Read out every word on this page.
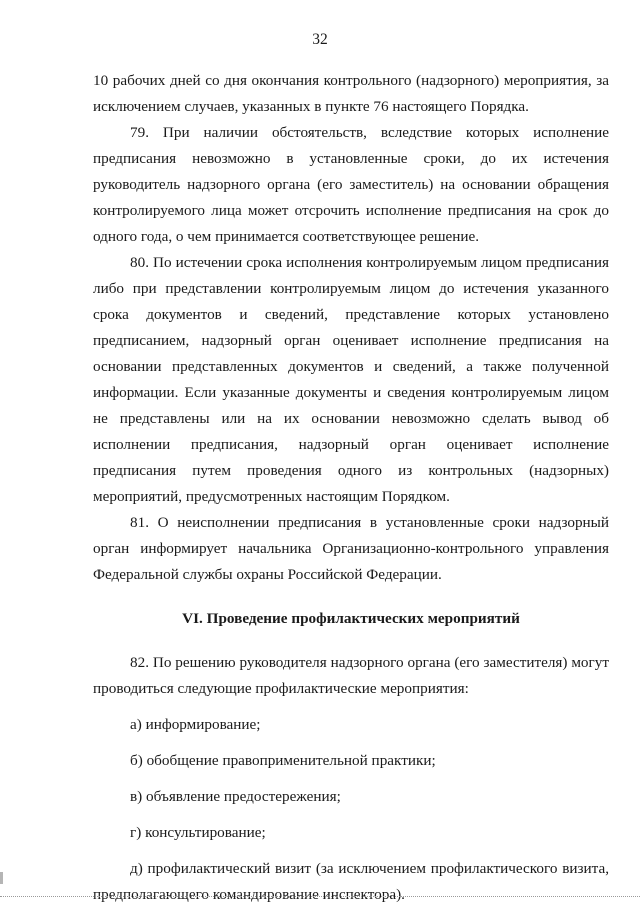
32

10 рабочих дней со дня окончания контрольного (надзорного) мероприятия, за исключением случаев, указанных в пункте 76 настоящего Порядка.

79. При наличии обстоятельств, вследствие которых исполнение предписания невозможно в установленные сроки, до их истечения руководитель надзорного органа (его заместитель) на основании обращения контролируемого лица может отсрочить исполнение предписания на срок до одного года, о чем принимается соответствующее решение.

80. По истечении срока исполнения контролируемым лицом предписания либо при представлении контролируемым лицом до истечения указанного срока документов и сведений, представление которых установлено предписанием, надзорный орган оценивает исполнение предписания на основании представленных документов и сведений, а также полученной информации. Если указанные документы и сведения контролируемым лицом не представлены или на их основании невозможно сделать вывод об исполнении предписания, надзорный орган оценивает исполнение предписания путем проведения одного из контрольных (надзорных) мероприятий, предусмотренных настоящим Порядком.

81. О неисполнении предписания в установленные сроки надзорный орган информирует начальника Организационно-контрольного управления Федеральной службы охраны Российской Федерации.

VI. Проведение профилактических мероприятий

82. По решению руководителя надзорного органа (его заместителя) могут проводиться следующие профилактические мероприятия:

а) информирование;

б) обобщение правоприменительной практики;

в) объявление предостережения;

г) консультирование;

д) профилактический визит (за исключением профилактического визита, предполагающего командирование инспектора).
